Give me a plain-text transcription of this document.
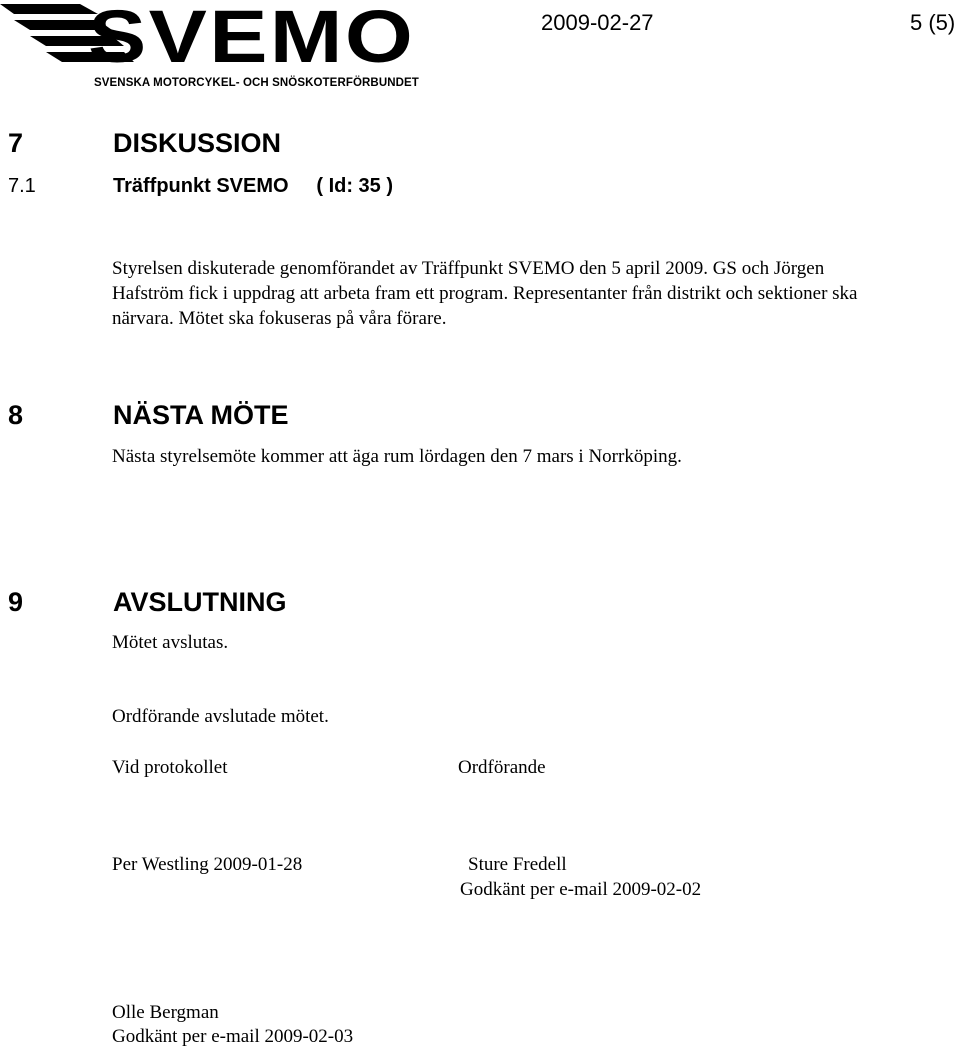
SVEMO
SVENSKA MOTORCYKEL- OCH SNÖSKOTERFÖRBUNDET
2009-02-27	5 (5)
7	DISKUSSION
7.1	Träffpunkt SVEMO     ( Id: 35 )
Styrelsen diskuterade genomförandet av Träffpunkt SVEMO den 5 april 2009. GS och Jörgen
Hafström fick i uppdrag att arbeta fram ett program. Representanter från distrikt och sektioner ska
närvara. Mötet ska fokuseras på våra förare.
8	NÄSTA MÖTE
Nästa styrelsemöte kommer att äga rum lördagen den 7 mars i Norrköping.
9	AVSLUTNING
Mötet avslutas.
Ordförande avslutade mötet.
Vid protokollet	Ordförande
Per Westling 2009-01-28	Sture Fredell
Godkänt per e-mail 2009-02-02
Olle Bergman
Godkänt per e-mail 2009-02-03
